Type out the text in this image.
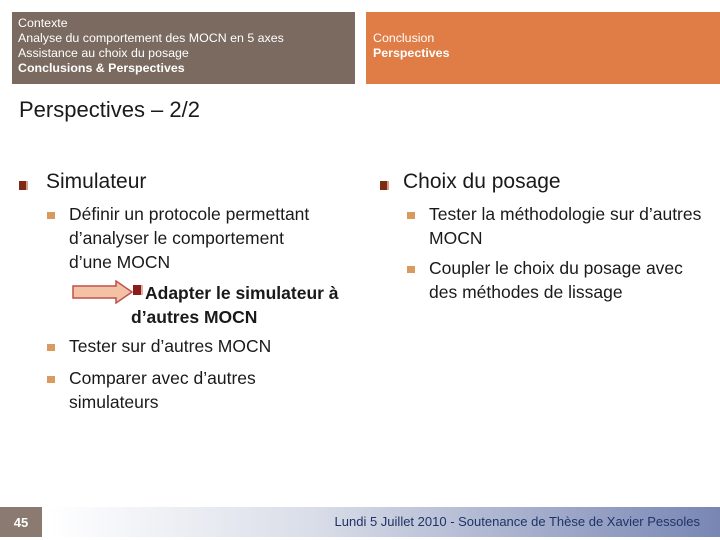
Contexte
Analyse du comportement des MOCN en 5 axes
Assistance au choix du posage
Conclusions & Perspectives
Conclusion
Perspectives
Perspectives – 2/2
Simulateur
Définir un protocole permettant d’analyser le comportement d’une MOCN
Tester sur d’autres MOCN
Adapter le simulateur à d’autres MOCN
Comparer avec d’autres simulateurs
Choix du posage
Tester la méthodologie sur d’autres MOCN
Coupler le choix du posage avec des méthodes de lissage
45	Lundi 5 Juillet 2010 - Soutenance de Thèse de Xavier Pessoles
